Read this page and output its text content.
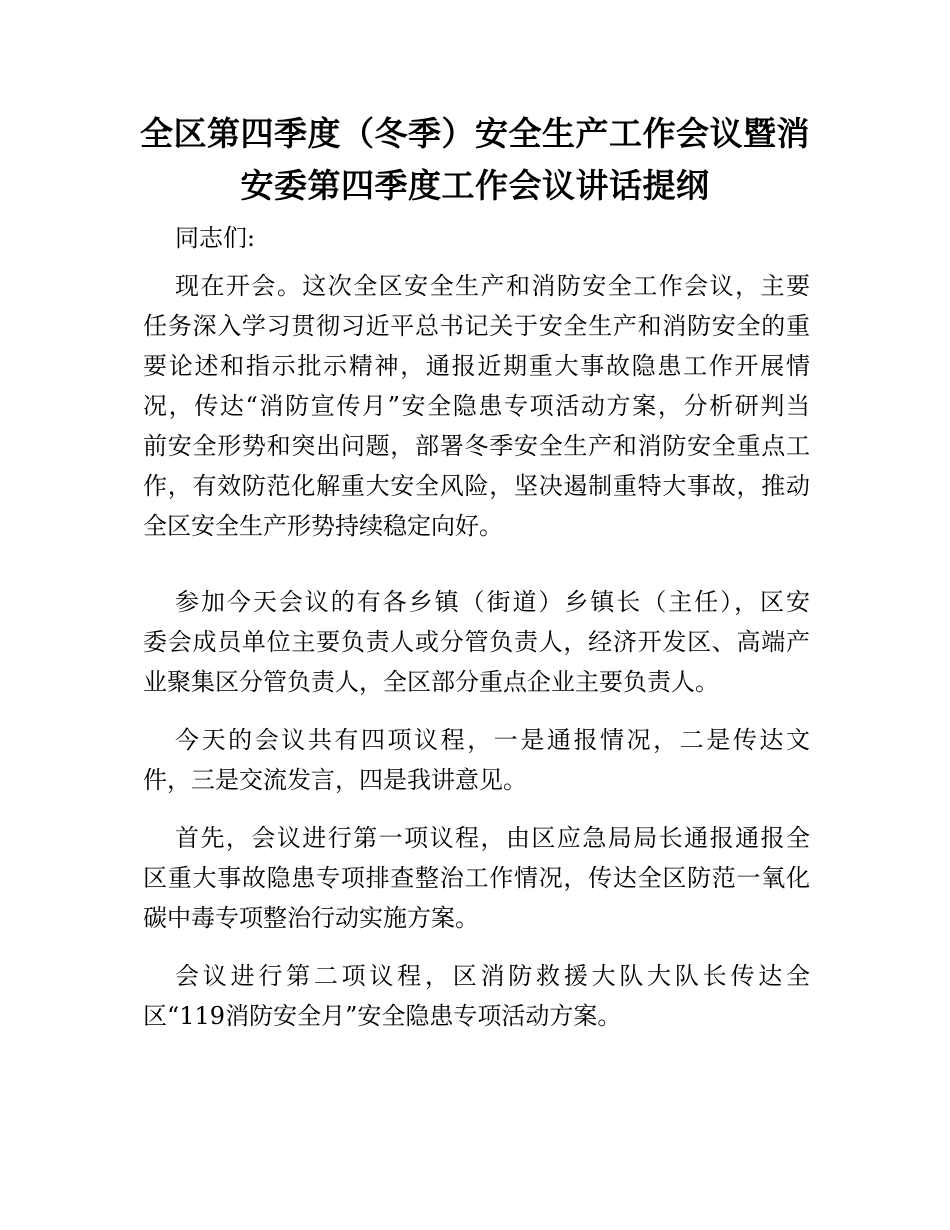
全区第四季度（冬季）安全生产工作会议暨消
安委第四季度工作会议讲话提纲
同志们:
现在开会。这次全区安全生产和消防安全工作会议，主要
任务深入学习贯彻习近平总书记关于安全生产和消防安全的重
要论述和指示批示精神，通报近期重大事故隐患工作开展情
况，传达“消防宣传月”安全隐患专项活动方案，分析研判当
前安全形势和突出问题，部署冬季安全生产和消防安全重点工
作，有效防范化解重大安全风险，坚决遏制重特大事故，推动
全区安全生产形势持续稳定向好。
参加今天会议的有各乡镇（街道）乡镇长（主任），区安
委会成员单位主要负责人或分管负责人，经济开发区、高端产
业聚集区分管负责人，全区部分重点企业主要负责人。
今天的会议共有四项议程，一是通报情况，二是传达文
件，三是交流发言，四是我讲意见。
首先，会议进行第一项议程，由区应急局局长通报通报全
区重大事故隐患专项排查整治工作情况，传达全区防范一氧化
碳中毒专项整治行动实施方案。
会议进行第二项议程，区消防救援大队大队长传达全
区“119消防安全月”安全隐患专项活动方案。
